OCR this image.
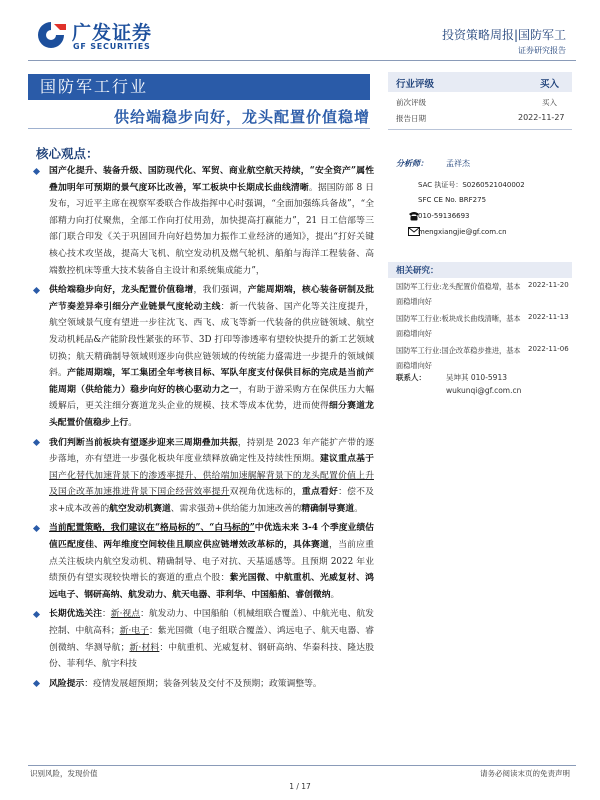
广发证券
GF SECURITIES
投资策略周报|国防军工
证券研究报告
国防军工行业
供给端稳步向好，龙头配置价值稳增
核心观点：
国产化提升、装备升级、国防现代化、军贸、商业航空航天持续，“安全资产”属性叠加明年可预期的景气度环比改善，军工板块中长期成长曲线清晰。据国防部 8 日发布，习近平主席在视察军委联合作战指挥中心时强调，“全面加强练兵备战”，“全部精力向打仗聚焦，全部工作向打仗用劲，加快提高打赢能力”，21 日工信部等三部门联合印发《关于巩固回升向好趋势加力振作工业经济的通知》，提出“打好关键核心技术攻坚战，提高大飞机、航空发动机及燃气轮机、船舶与海洋工程装备、高端数控机床等重大技术装备自主设计和系统集成能力”，
供给端稳步向好，龙头配置价值稳增，我们强调，产能周期端，核心装备研制及批产节奏差异牵引细分产业链景气度轮动主线：新一代装备、国产化等关注度提升，航空领域景气度有望进一步往沈飞、西飞、成飞等新一代装备的供应链领域、航空发动机耗品&产能阶段性紧张的环节、3D 打印等渗透率有望较快提升的新工艺领域切换；航天精确制导领域则逐步向供应链领域的传统能力盛需进一步提升的领域倾斜。产能周期端，军工集团全年考核目标、军队年度支付保供目标的完成是当前产能周期（供给能力）稳步向好的核心驱动力之一，有助于游采购方在保供压力大幅缓解后，更关注细分赛道龙头企业的规模、技术等成本优势，进而使得细分赛道龙头配置价值稳步上行。
我们判断当前板块有望逐步迎来三周期叠加共振，持别是 2023 年产能扩产带的逐步落地，亦有望进一步强化板块年度业绩释放确定性及持续性预期。建议重点基于国产化替代加速背景下的渗透率提升、供给端加速艉解背景下的龙头配置价值上升及国企改革加速推进背景下国企经营效率提升双视角优选标的，重点看好：偿不及求+成本改善的航空发动机赛道、需求强劲+供给能力加速改善的精确制导赛道。
当前配置策略，我们建议在“格局标的”、“白马标的”中优选未来 3-4 个季度业绩估值匹配度佳、两年维度空间较佳且顺应供应链增效改革标的，具体赛道，当前应重点关注板块内航空发动机、精确制导、电子对抗、天基遥感等。且预期 2022 年业绩预仍有望实现较快增长的赛道的重点个股：紫光国微、中航重机、光威复材、鸿远电子、钢研高纳、航发动力、航天电器、菲利华、中国船舶、睿创微纳。
长期优选关注：新·视点：航发动力、中国船舶（机械组联合覆盖）、中航光电、航发控制、中航高科；新·电子：紫光国微（电子组联合覆盖）、鸿远电子、航天电器、睿创微纳、华测导航；新·材料：中航重机、光威复材、钢研高纳、华秦科技、隆达股份、菲利华、航宇科技
风险提示：疫情发展超预期；装备列装及交付不及预期；政策调整等。
行业评级	买入
前次评级	买入
报告日期	2022-11-27
分析师： 孟祥杰
SAC 执证号：S0260521040002
SFC CE No. BRF275
010-59136693
mengxiangjie@gf.com.cn
相关研究：
国防军工行业:龙头配置价值稳增，基本面稳增向好
2022-11-20
国防军工行业:板块成长曲线清晰，基本面稳增向好
2022-11-13
国防军工行业:国企改革稳步推进，基本面稳增向好
2022-11-06
联系人：	吴坤其 010-5913
wukunqi@gf.com.cn
识别风险，发现价值	请务必阅读末页的免责声明
1 / 17
